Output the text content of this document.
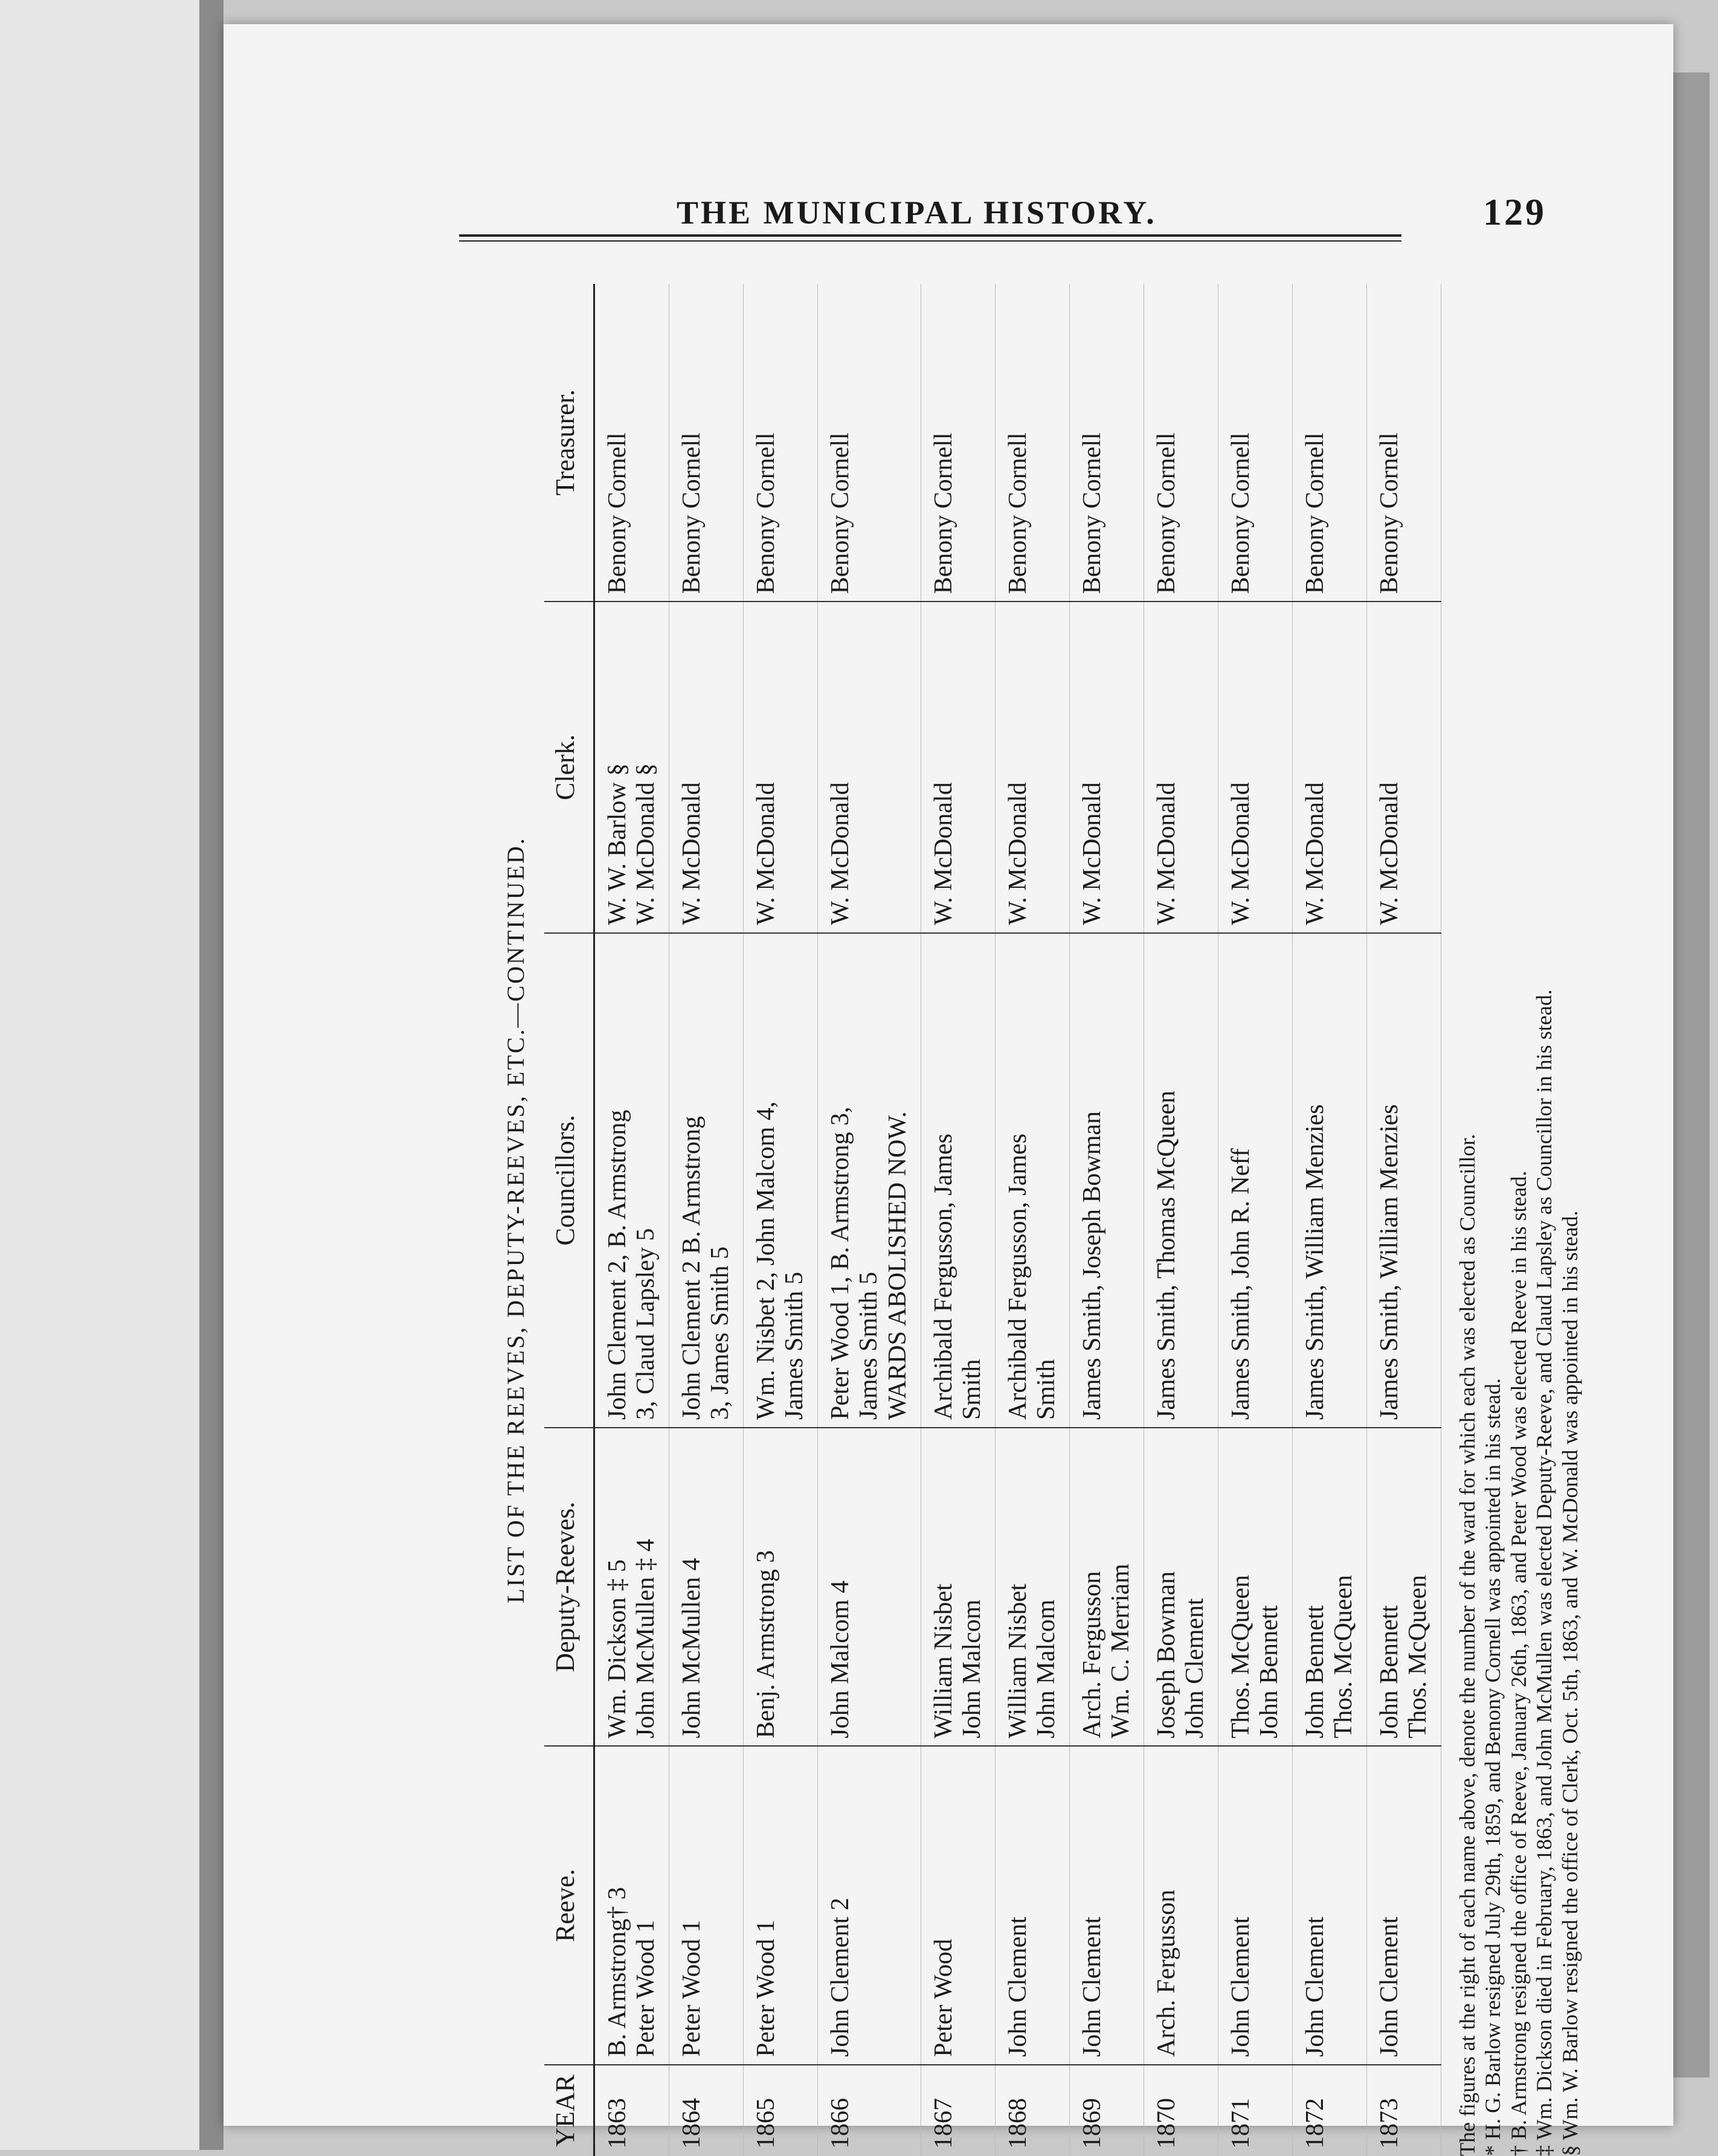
THE MUNICIPAL HISTORY.	129
LIST OF THE REEVES, DEPUTY-REEVES, ETC.—CONTINUED.
YEAR	Reeve.	Deputy-Reeves.	Councillors.	Clerk.	Treasurer.
1863	B. Armstrong† 3 Peter Wood 1	Wm. Dickson ‡ 5 John McMullen ‡ 4	John Clement 2, B. Armstrong 3, Claud Lapsley 5	W. W. Barlow § W. McDonald §	Benony Cornell

1864	Peter Wood 1	John McMullen 4	John Clement 2 B. Armstrong 3, James Smith 5	W. McDonald	Benony Cornell

1865	Peter Wood 1	Benj. Armstrong 3	Wm. Nisbet 2, John Malcom 4, James Smith 5	W. McDonald	Benony Cornell

1866	John Clement 2	John Malcom 4	Peter Wood 1, B. Armstrong 3, James Smith 5 WARDS ABOLISHED NOW.	W. McDonald	Benony Cornell

1867	Peter Wood	William Nisbet John Malcom	Archibald Fergusson, James Smith	W. McDonald	Benony Cornell

1868	John Clement	William Nisbet John Malcom	Archibald Fergusson, James Smith	W. McDonald	Benony Cornell

1869	John Clement	Arch. Fergusson Wm. C. Merriam	James Smith, Joseph Bowman	W. McDonald	Benony Cornell

1870	Arch. Fergusson	Joseph Bowman John Clement	James Smith, Thomas McQueen	W. McDonald	Benony Cornell

1871	John Clement	Thos. McQueen John Bennett	James Smith, John R. Neff	W. McDonald	Benony Cornell

1872	John Clement	John Bennett Thos. McQueen	James Smith, William Menzies	W. McDonald	Benony Cornell

1873	John Clement	John Bennett Thos. McQueen	James Smith, William Menzies	W. McDonald	Benony Cornell
The figures at the right of each name above, denote the number of the ward for which each was elected as Councillor. * H. G. Barlow resigned July 29th, 1859, and Benony Cornell was appointed in his stead. † B. Armstrong resigned the office of Reeve, January 26th, 1863, and Peter Wood was elected Reeve in his stead. ‡ Wm. Dickson died in February, 1863, and John McMullen was elected Deputy-Reeve, and Claud Lapsley as Councillor in his stead. § Wm. W. Barlow resigned the office of Clerk, Oct. 5th, 1863, and W. McDonald was appointed in his stead.
